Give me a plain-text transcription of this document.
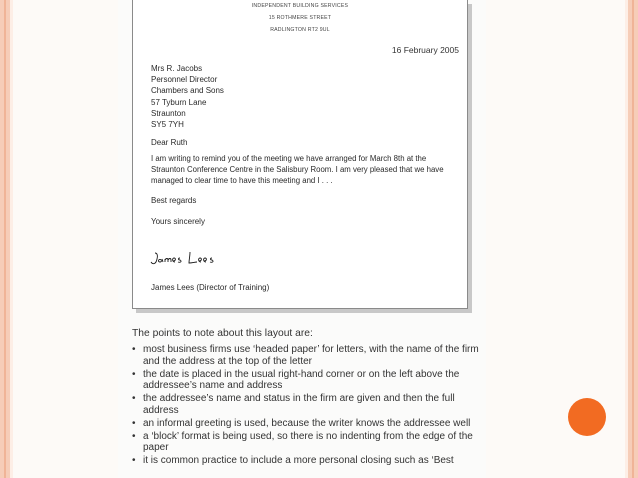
INDEPENDENT BUILDING SERVICES
15 ROTHMERE STREET
RADLINGTON RT2 9UL
16 February 2005
Mrs R. Jacobs
Personnel Director
Chambers and Sons
57 Tyburn Lane
Straunton
SY5 7YH
Dear Ruth
I am writing to remind you of the meeting we have arranged for March 8th at the
Straunton Conference Centre in the Salisbury Room. I am very pleased that we have
managed to clear time to have this meeting and I . . .
Best regards
Yours sincerely
James Lees (Director of Training)
The points to note about this layout are:
• most business firms use ‘headed paper’ for letters, with the name of the firm and the address at the top of the letter
• the date is placed in the usual right-hand corner or on the left above the addressee’s name and address
• the addressee’s name and status in the firm are given and then the full address
• an informal greeting is used, because the writer knows the addressee well
• a ‘block’ format is being used, so there is no indenting from the edge of the paper
• it is common practice to include a more personal closing such as ‘Best
